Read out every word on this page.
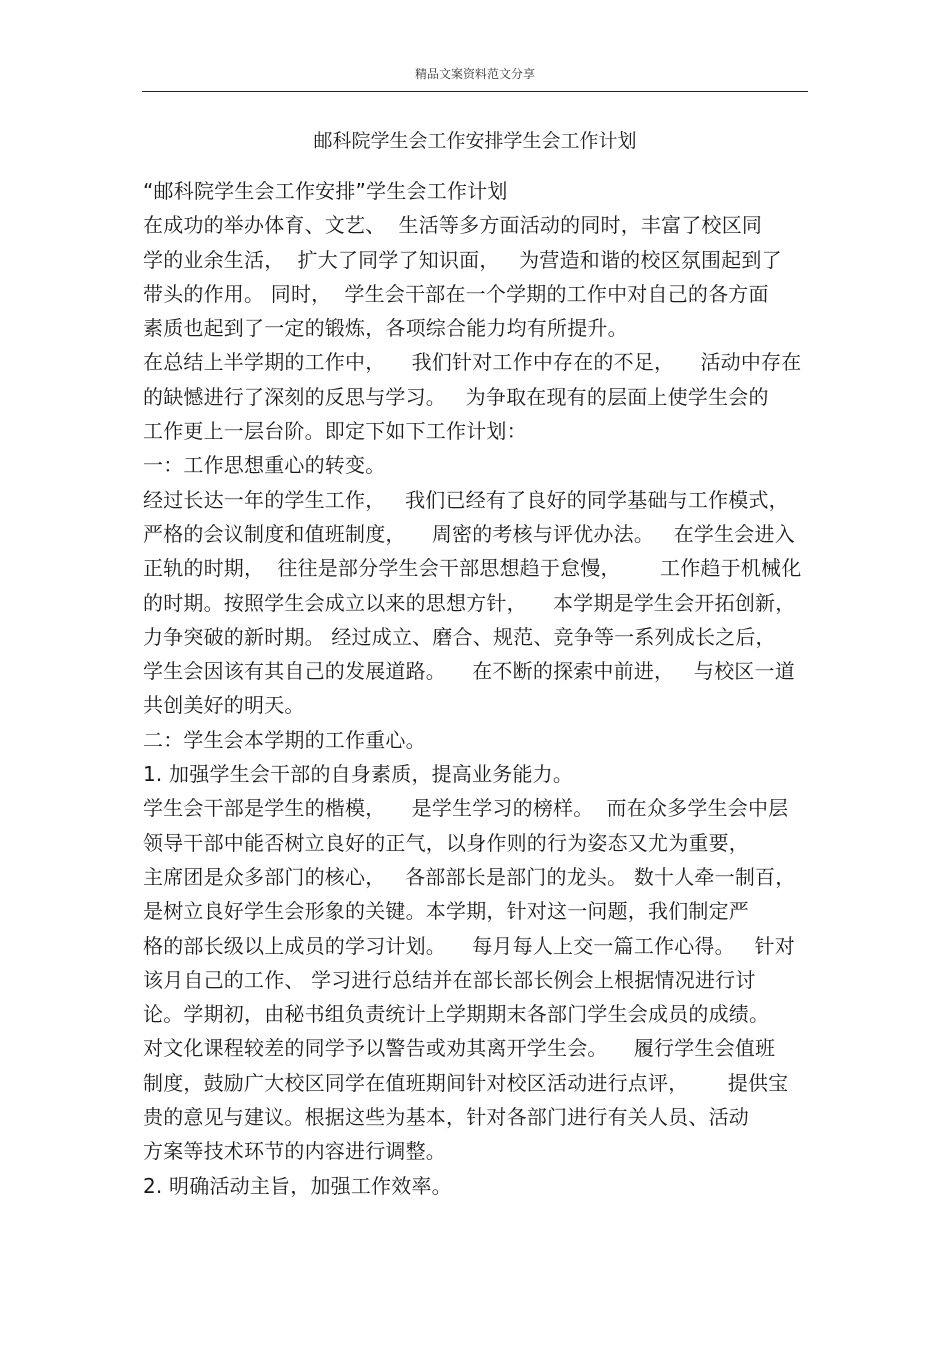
精品文案资料范文分享
邮科院学生会工作安排学生会工作计划
“邮科院学生会工作安排”学生会工作计划
在成功的举办体育、文艺、  生活等多方面活动的同时，丰富了校区同
学的业余生活，  扩大了同学了知识面，   为营造和谐的校区氛围起到了
带头的作用。 同时，  学生会干部在一个学期的工作中对自己的各方面
素质也起到了一定的锻炼，各项综合能力均有所提升。
在总结上半学期的工作中，    我们针对工作中存在的不足，    活动中存在
的缺憾进行了深刻的反思与学习。   为争取在现有的层面上使学生会的
工作更上一层台阶。即定下如下工作计划：
一：工作思想重心的转变。
经过长达一年的学生工作，   我们已经有了良好的同学基础与工作模式，
严格的会议制度和值班制度，    周密的考核与评优办法。   在学生会进入
正轨的时期，  往往是部分学生会干部思想趋于怠慢，      工作趋于机械化
的时期。按照学生会成立以来的思想方针，    本学期是学生会开拓创新，
力争突破的新时期。 经过成立、磨合、规范、竞争等一系列成长之后，
学生会因该有其自己的发展道路。    在不断的探索中前进，   与校区一道
共创美好的明天。
二：学生会本学期的工作重心。
1. 加强学生会干部的自身素质，提高业务能力。
学生会干部是学生的楷模，    是学生学习的榜样。  而在众多学生会中层
领导干部中能否树立良好的正气，以身作则的行为姿态又尤为重要，
主席团是众多部门的核心，   各部部长是部门的龙头。 数十人牵一制百，
是树立良好学生会形象的关键。本学期，针对这一问题，我们制定严
格的部长级以上成员的学习计划。    每月每人上交一篇工作心得。   针对
该月自己的工作、 学习进行总结并在部长部长例会上根据情况进行讨
论。学期初，由秘书组负责统计上学期期末各部门学生会成员的成绩。
对文化课程较差的同学予以警告或劝其离开学生会。    履行学生会值班
制度，鼓励广大校区同学在值班期间针对校区活动进行点评，      提供宝
贵的意见与建议。根据这些为基本，针对各部门进行有关人员、活动
方案等技术环节的内容进行调整。
2. 明确活动主旨，加强工作效率。
